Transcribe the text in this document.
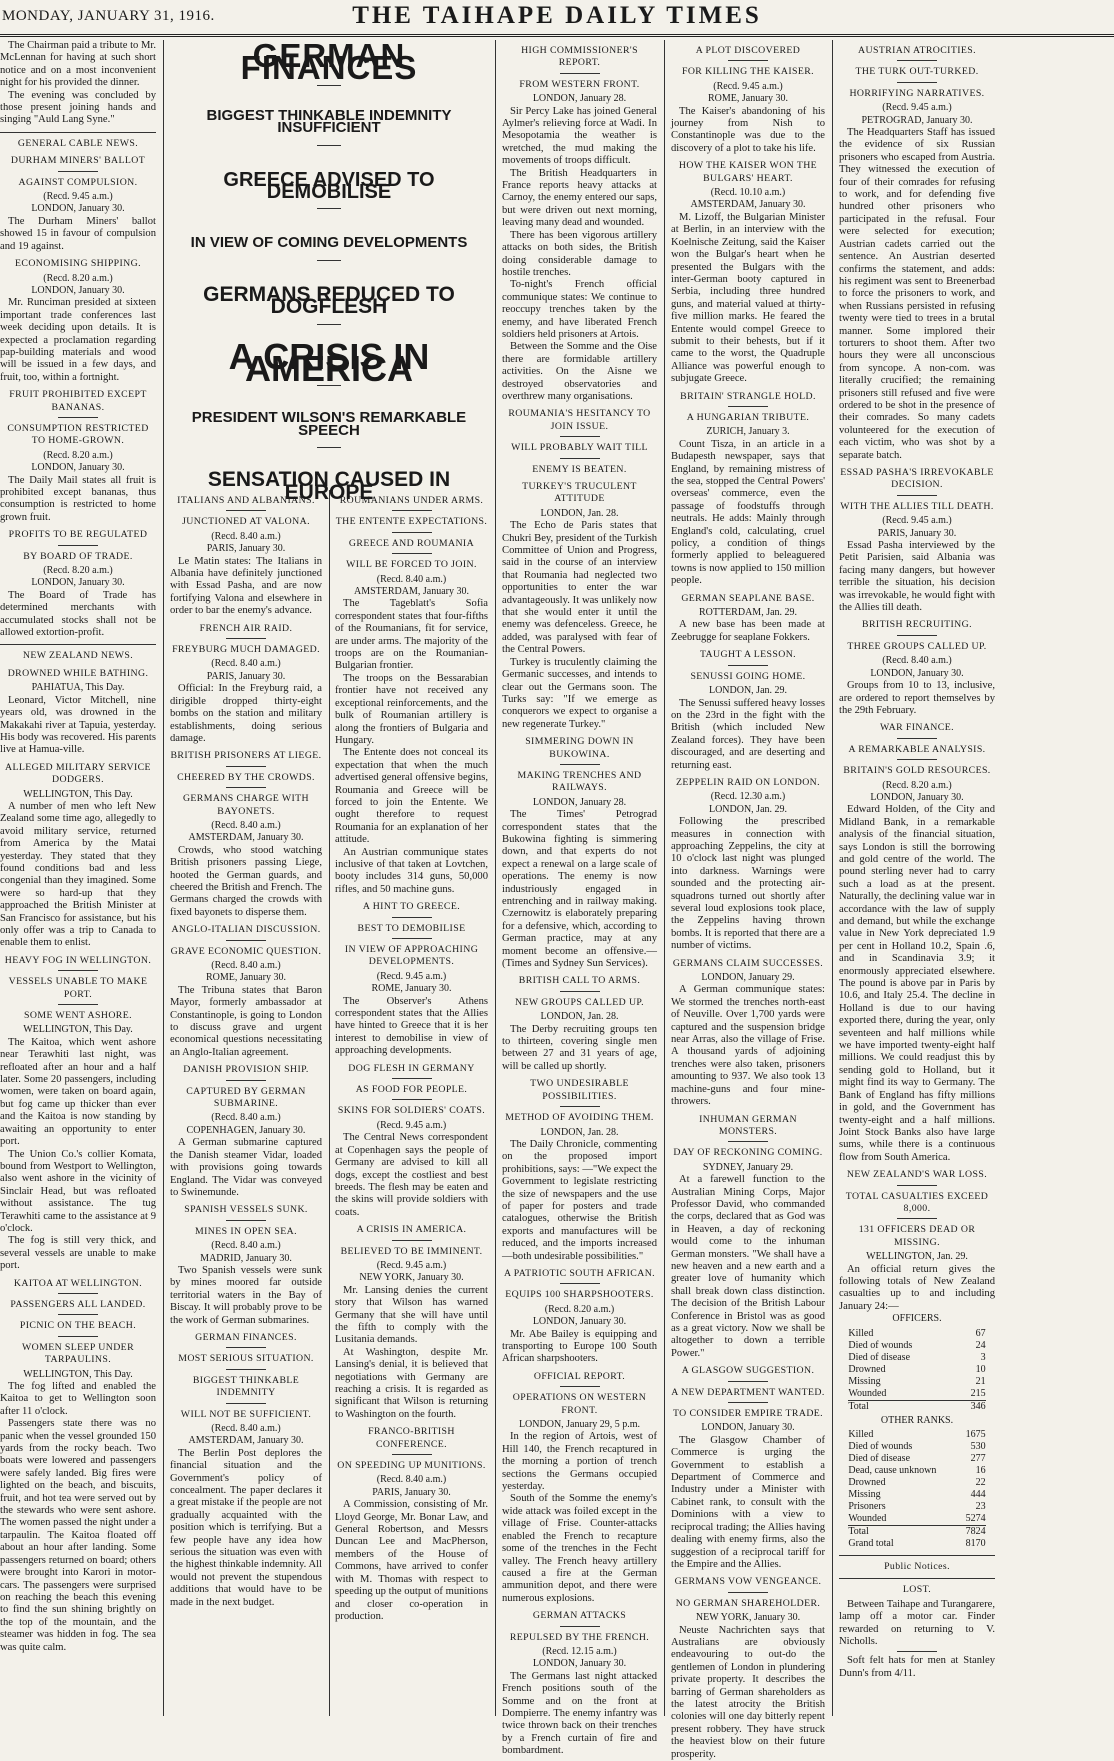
MONDAY, JANUARY 31, 1916.	THE TAIHAPE DAILY TIMES

The Chairman paid a tribute to Mr. McLennan for having at such short notice and on a most inconvenient night for his provided the dinner.

The evening was concluded by those present joining hands and singing "Auld Lang Syne."

GENERAL CABLE NEWS.
DURHAM MINERS' BALLOT
AGAINST COMPULSION.
(Recd. 9.45 a.m.)
LONDON, January 30.

The Durham Miners' ballot showed 15 in favour of compulsion and 19 against.

ECONOMISING SHIPPING.
(Recd. 8.20 a.m.)
LONDON, January 30.

Mr. Runciman presided at sixteen important trade conferences last week deciding upon details. It is expected a proclamation regarding pap-building materials and wood will be issued in a few days, and fruit, too, within a fortnight.

FRUIT PROHIBITED EXCEPT BANANAS.
CONSUMPTION RESTRICTED TO HOME-GROWN.
(Recd. 8.20 a.m.)
LONDON, January 30.

The Daily Mail states all fruit is prohibited except bananas, thus consumption is restricted to home grown fruit.

PROFITS TO BE REGULATED
BY BOARD OF TRADE.
(Recd. 8.20 a.m.)
LONDON, January 30.

The Board of Trade has determined merchants with accumulated stocks shall not be allowed extortion-profit.

NEW ZEALAND NEWS.
DROWNED WHILE BATHING.
PAHIATUA, This Day.

Leonard, Victor Mitchell, nine years old, was drowned in the Makakahi river at Tapuia, yesterday. His body was recovered. His parents live at Hamua-ville.

ALLEGED MILITARY SERVICE DODGERS.
WELLINGTON, This Day.

A number of men who left New Zealand some time ago, allegedly to avoid military service, returned from America by the Matai yesterday. They stated that they found conditions bad and less congenial than they imagined. Some were so hard-up that they approached the British Minister at San Francisco for assistance, but his only offer was a trip to Canada to enable them to enlist.

HEAVY FOG IN WELLINGTON.
VESSELS UNABLE TO MAKE PORT.
SOME WENT ASHORE.
WELLINGTON, This Day.

The Kaitoa, which went ashore near Terawhiti last night, was refloated after an hour and a half later. Some 20 passengers, including women, were taken on board again, but fog came up thicker than ever and the Kaitoa is now standing by awaiting an opportunity to enter port.

The Union Co.'s collier Komata, bound from Westport to Wellington, also went ashore in the vicinity of Sinclair Head, but was refloated without assistance. The tug Terawhiti came to the assistance at 9 o'clock.

The fog is still very thick, and several vessels are unable to make port.

KAITOA AT WELLINGTON.
PASSENGERS ALL LANDED.
PICNIC ON THE BEACH.
WOMEN SLEEP UNDER TARPAULINS.
WELLINGTON, This Day.

The fog lifted and enabled the Kaitoa to get to Wellington soon after 11 o'clock.

Passengers state there was no panic when the vessel grounded 150 yards from the rocky beach. Two boats were lowered and passengers were safely landed. Big fires were lighted on the beach, and biscuits, fruit, and hot tea were served out by the stewards who were sent ashore. The women passed the night under a tarpaulin. The Kaitoa floated off about an hour after landing. Some passengers returned on board; others were brought into Karori in motor-cars. The passengers were surprised on reaching the beach this evening to find the sun shining brightly on the top of the mountain, and the steamer was hidden in fog. The sea was quite calm.

GERMAN FINANCES
BIGGEST THINKABLE INDEMNITY INSUFFICIENT
GREECE ADVISED TO DEMOBILISE
IN VIEW OF COMING DEVELOPMENTS
GERMANS REDUCED TO DOGFLESH
A CRISIS IN AMERICA
PRESIDENT WILSON'S REMARKABLE SPEECH
SENSATION CAUSED IN EUROPE
ITALIANS AND ALBANIANS.
JUNCTIONED AT VALONA.
(Recd. 8.40 a.m.)
PARIS, January 30.

Le Matin states: The Italians in Albania have definitely junctioned with Essad Pasha, and are now fortifying Valona and elsewhere in order to bar the enemy's advance.

FRENCH AIR RAID.
FREYBURG MUCH DAMAGED.
(Recd. 8.40 a.m.)
PARIS, January 30.

Official: In the Freyburg raid, a dirigible dropped thirty-eight bombs on the station and military establishments, doing serious damage.

BRITISH PRISONERS AT LIEGE.
CHEERED BY THE CROWDS.
GERMANS CHARGE WITH BAYONETS.
(Recd. 8.40 a.m.)
AMSTERDAM, January 30.

Crowds, who stood watching British prisoners passing Liege, hooted the German guards, and cheered the British and French. The Germans charged the crowds with fixed bayonets to disperse them.

ANGLO-ITALIAN DISCUSSION.
GRAVE ECONOMIC QUESTION.
(Recd. 8.40 a.m.)
ROME, January 30.

The Tribuna states that Baron Mayor, formerly ambassador at Constantinople, is going to London to discuss grave and urgent economical questions necessitating an Anglo-Italian agreement.

DANISH PROVISION SHIP.
CAPTURED BY GERMAN SUBMARINE.
(Recd. 8.40 a.m.)
COPENHAGEN, January 30.

A German submarine captured the Danish steamer Vidar, loaded with provisions going towards England. The Vidar was conveyed to Swinemunde.

SPANISH VESSELS SUNK.
MINES IN OPEN SEA.
(Recd. 8.40 a.m.)
MADRID, January 30.

Two Spanish vessels were sunk by mines moored far outside territorial waters in the Bay of Biscay. It will probably prove to be the work of German submarines.

GERMAN FINANCES.
MOST SERIOUS SITUATION.
BIGGEST THINKABLE INDEMNITY
WILL NOT BE SUFFICIENT.
(Recd. 8.40 a.m.)
AMSTERDAM, January 30.

The Berlin Post deplores the financial situation and the Government's policy of concealment. The paper declares it a great mistake if the people are not gradually acquainted with the position which is terrifying. But a few people have any idea how serious the situation was even with the highest thinkable indemnity. All would not prevent the stupendous additions that would have to be made in the next budget.

ROUMANIANS UNDER ARMS.
THE ENTENTE EXPECTATIONS.
GREECE AND ROUMANIA
WILL BE FORCED TO JOIN.
(Recd. 8.40 a.m.)
AMSTERDAM, January 30.

The Tageblatt's Sofia correspondent states that four-fifths of the Roumanians, fit for service, are under arms. The majority of the troops are on the Roumanian-Bulgarian frontier.

The troops on the Bessarabian frontier have not received any exceptional reinforcements, and the bulk of Roumanian artillery is along the frontiers of Bulgaria and Hungary.

The Entente does not conceal its expectation that when the much advertised general offensive begins, Roumania and Greece will be forced to join the Entente. We ought therefore to request Roumania for an explanation of her attitude.

An Austrian communique states inclusive of that taken at Lovtchen, booty includes 314 guns, 50,000 rifles, and 50 machine guns.

A HINT TO GREECE.
BEST TO DEMOBILISE
IN VIEW OF APPROACHING DEVELOPMENTS.
(Recd. 9.45 a.m.)
ROME, January 30.

The Observer's Athens correspondent states that the Allies have hinted to Greece that it is her interest to demobilise in view of approaching developments.

DOG FLESH IN GERMANY
AS FOOD FOR PEOPLE.
SKINS FOR SOLDIERS' COATS.
(Recd. 9.45 a.m.)

The Central News correspondent at Copenhagen says the people of Germany are advised to kill all dogs, except the costliest and best breeds. The flesh may be eaten and the skins will provide soldiers with coats.

A CRISIS IN AMERICA.
BELIEVED TO BE IMMINENT.
(Recd. 9.45 a.m.)
NEW YORK, January 30.

Mr. Lansing denies the current story that Wilson has warned Germany that she will have until the fifth to comply with the Lusitania demands.

At Washington, despite Mr. Lansing's denial, it is believed that negotiations with Germany are reaching a crisis. It is regarded as significant that Wilson is returning to Washington on the fourth.

FRANCO-BRITISH CONFERENCE.
ON SPEEDING UP MUNITIONS.
(Recd. 8.40 a.m.)
PARIS, January 30.

A Commission, consisting of Mr. Lloyd George, Mr. Bonar Law, and General Robertson, and Messrs Duncan Lee and MacPherson, members of the House of Commons, have arrived to confer with M. Thomas with respect to speeding up the output of munitions and closer co-operation in production.

HIGH COMMISSIONER'S REPORT.
FROM WESTERN FRONT.
LONDON, January 28.

Sir Percy Lake has joined General Aylmer's relieving force at Wadi. In Mesopotamia the weather is wretched, the mud making the movements of troops difficult.

The British Headquarters in France reports heavy attacks at Carnoy, the enemy entered our saps, but were driven out next morning, leaving many dead and wounded.

There has been vigorous artillery attacks on both sides, the British doing considerable damage to hostile trenches.

To-night's French official communique states: We continue to reoccupy trenches taken by the enemy, and have liberated French soldiers held prisoners at Artois.

Between the Somme and the Oise there are formidable artillery activities. On the Aisne we destroyed observatories and overthrew many organisations.

ROUMANIA'S HESITANCY TO JOIN ISSUE.
WILL PROBABLY WAIT TILL
ENEMY IS BEATEN.
TURKEY'S TRUCULENT ATTITUDE
LONDON, Jan. 28.

The Echo de Paris states that Chukri Bey, president of the Turkish Committee of Union and Progress, said in the course of an interview that Roumania had neglected two opportunities to enter the war advantageously. It was unlikely now that she would enter it until the enemy was defenceless. Greece, he added, was paralysed with fear of the Central Powers.

Turkey is truculently claiming the Germanic successes, and intends to clear out the Germans soon. The Turks say: "If we emerge as conquerors we expect to organise a new regenerate Turkey."

SIMMERING DOWN IN BUKOWINA.
MAKING TRENCHES AND RAILWAYS.
LONDON, January 28.

The Times' Petrograd correspondent states that the Bukowina fighting is simmering down, and that experts do not expect a renewal on a large scale of operations. The enemy is now industriously engaged in entrenching and in railway making. Czernowitz is elaborately preparing for a defensive, which, according to German practice, may at any moment become an offensive.—(Times and Sydney Sun Services).

BRITISH CALL TO ARMS.
NEW GROUPS CALLED UP.
LONDON, Jan. 28.

The Derby recruiting groups ten to thirteen, covering single men between 27 and 31 years of age, will be called up shortly.

TWO UNDESIRABLE POSSIBILITIES.
METHOD OF AVOIDING THEM.
LONDON, Jan. 28.

The Daily Chronicle, commenting on the proposed import prohibitions, says: —"We expect the Government to legislate restricting the size of newspapers and the use of paper for posters and trade catalogues, otherwise the British exports and manufactures will be reduced, and the imports increased—both undesirable possibilities."

A PATRIOTIC SOUTH AFRICAN.
EQUIPS 100 SHARPSHOOTERS.
(Recd. 8.20 a.m.)
LONDON, January 30.

Mr. Abe Bailey is equipping and transporting to Europe 100 South African sharpshooters.

OFFICIAL REPORT.
OPERATIONS ON WESTERN FRONT.
LONDON, January 29, 5 p.m.

In the region of Artois, west of Hill 140, the French recaptured in the morning a portion of trench sections the Germans occupied yesterday.

South of the Somme the enemy's wide attack was foiled except in the village of Frise. Counter-attacks enabled the French to recapture some of the trenches in the Fecht valley. The French heavy artillery caused a fire at the German ammunition depot, and there were numerous explosions.

GERMAN ATTACKS
REPULSED BY THE FRENCH.
(Recd. 12.15 a.m.)
LONDON, January 30.

The Germans last night attacked French positions south of the Somme and on the front at Dompierre. The enemy infantry was twice thrown back on their trenches by a French curtain of fire and bombardment.

A PLOT DISCOVERED
FOR KILLING THE KAISER.
(Recd. 9.45 a.m.)
ROME, January 30.

The Kaiser's abandoning of his journey from Nish to Constantinople was due to the discovery of a plot to take his life.

HOW THE KAISER WON THE BULGARS' HEART.
(Recd. 10.10 a.m.)
AMSTERDAM, January 30.

M. Lizoff, the Bulgarian Minister at Berlin, in an interview with the Koelnische Zeitung, said the Kaiser won the Bulgar's heart when he presented the Bulgars with the inter-German booty captured in Serbia, including three hundred guns, and material valued at thirty-five million marks. He feared the Entente would compel Greece to submit to their behests, but if it came to the worst, the Quadruple Alliance was powerful enough to subjugate Greece.

BRITAIN' STRANGLE HOLD.
A HUNGARIAN TRIBUTE.
ZURICH, January 3.

Count Tisza, in an article in a Budapesth newspaper, says that England, by remaining mistress of the sea, stopped the Central Powers' overseas' commerce, even the passage of foodstuffs through neutrals. He adds: Mainly through England's cold, calculating, cruel policy, a condition of things formerly applied to beleaguered towns is now applied to 150 million people.

GERMAN SEAPLANE BASE.
ROTTERDAM, Jan. 29.

A new base has been made at Zeebrugge for seaplane Fokkers.

TAUGHT A LESSON.
SENUSSI GOING HOME.
LONDON, Jan. 29.

The Senussi suffered heavy losses on the 23rd in the fight with the British (which included New Zealand forces). They have been discouraged, and are deserting and returning east.

ZEPPELIN RAID ON LONDON.
(Recd. 12.30 a.m.)
LONDON, Jan. 29.

Following the prescribed measures in connection with approaching Zeppelins, the city at 10 o'clock last night was plunged into darkness. Warnings were sounded and the protecting air-squadrons turned out shortly after several loud explosions took place, the Zeppelins having thrown bombs. It is reported that there are a number of victims.

GERMANS CLAIM SUCCESSES.
LONDON, January 29.

A German communique states: We stormed the trenches north-east of Neuville. Over 1,700 yards were captured and the suspension bridge near Arras, also the village of Frise. A thousand yards of adjoining trenches were also taken, prisoners amounting to 937. We also took 13 machine-guns and four mine-throwers.

INHUMAN GERMAN MONSTERS.
DAY OF RECKONING COMING.
SYDNEY, January 29.

At a farewell function to the Australian Mining Corps, Major Professor David, who commanded the corps, declared that as God was in Heaven, a day of reckoning would come to the inhuman German monsters. "We shall have a new heaven and a new earth and a greater love of humanity which shall break down class distinction. The decision of the British Labour Conference in Bristol was as good as a great victory. Now we shall be altogether to down a terrible Power."

A GLASGOW SUGGESTION.
A NEW DEPARTMENT WANTED.
TO CONSIDER EMPIRE TRADE.
LONDON, January 30.

The Glasgow Chamber of Commerce is urging the Government to establish a Department of Commerce and Industry under a Minister with Cabinet rank, to consult with the Dominions with a view to reciprocal trading; the Allies having dealing with enemy firms, also the suggestion of a reciprocal tariff for the Empire and the Allies.

GERMANS VOW VENGEANCE.
NO GERMAN SHAREHOLDER.
NEW YORK, January 30.

Neuste Nachrichten says that Australians are obviously endeavouring to out-do the gentlemen of London in plundering private property. It describes the barring of German shareholders as the latest atrocity the British colonies will one day bitterly repent present robbery. They have struck the heaviest blow on their future prosperity.

AUSTRIAN ATROCITIES.
THE TURK OUT-TURKED.
HORRIFYING NARRATIVES.
(Recd. 9.45 a.m.)
PETROGRAD, January 30.

The Headquarters Staff has issued the evidence of six Russian prisoners who escaped from Austria. They witnessed the execution of four of their comrades for refusing to work, and for defending five hundred other prisoners who participated in the refusal. Four were selected for execution; Austrian cadets carried out the sentence. An Austrian deserted confirms the statement, and adds: his regiment was sent to Breenerbad to force the prisoners to work, and when Russians persisted in refusing twenty were tied to trees in a brutal manner. Some implored their torturers to shoot them. After two hours they were all unconscious from syncope. A non-com. was literally crucified; the remaining prisoners still refused and five were ordered to be shot in the presence of their comrades. So many cadets volunteered for the execution of each victim, who was shot by a separate batch.

ESSAD PASHA'S IRREVOKABLE DECISION.
WITH THE ALLIES TILL DEATH.
(Recd. 9.45 a.m.)
PARIS, January 30.

Essad Pasha interviewed by the Petit Parisien, said Albania was facing many dangers, but however terrible the situation, his decision was irrevokable, he would fight with the Allies till death.

BRITISH RECRUITING.
THREE GROUPS CALLED UP.
(Recd. 8.40 a.m.)
LONDON, January 30.

Groups from 10 to 13, inclusive, are ordered to report themselves by the 29th February.

WAR FINANCE.
A REMARKABLE ANALYSIS.
BRITAIN'S GOLD RESOURCES.
(Recd. 8.20 a.m.)
LONDON, January 30.

Edward Holden, of the City and Midland Bank, in a remarkable analysis of the financial situation, says London is still the borrowing and gold centre of the world. The pound sterling never had to carry such a load as at the present. Naturally, the declining value war in accordance with the law of supply and demand, but while the exchange value in New York depreciated 1.9 per cent in Holland 10.2, Spain .6, and in Scandinavia 3.9; it enormously appreciated elsewhere. The pound is above par in Paris by 10.6, and Italy 25.4. The decline in Holland is due to our having exported there, during the year, only seventeen and half millions while we have imported twenty-eight half millions. We could readjust this by sending gold to Holland, but it might find its way to Germany. The Bank of England has fifty millions in gold, and the Government has twenty-eight and a half millions. Joint Stock Banks also have large sums, while there is a continuous flow from South America.

NEW ZEALAND'S WAR LOSS.
TOTAL CASUALTIES EXCEED 8,000.
131 OFFICERS DEAD OR MISSING.
WELLINGTON, Jan. 29.

An official return gives the following totals of New Zealand casualties up to and including January 24:—

OFFICERS.
Killed	67
Died of wounds	24
Died of disease	3
Drowned	10
Missing	21
Wounded	215
Total	346
OTHER RANKS.
Killed	1675
Died of wounds	530
Died of disease	277
Dead, cause unknown	16
Drowned	22
Missing	444
Prisoners	23
Wounded	5274
Total	7824
Grand total	8170
Public Notices.
LOST.

Between Taihape and Turangarere, lamp off a motor car. Finder rewarded on returning to V. Nicholls.

Soft felt hats for men at Stanley Dunn's from 4/11.
